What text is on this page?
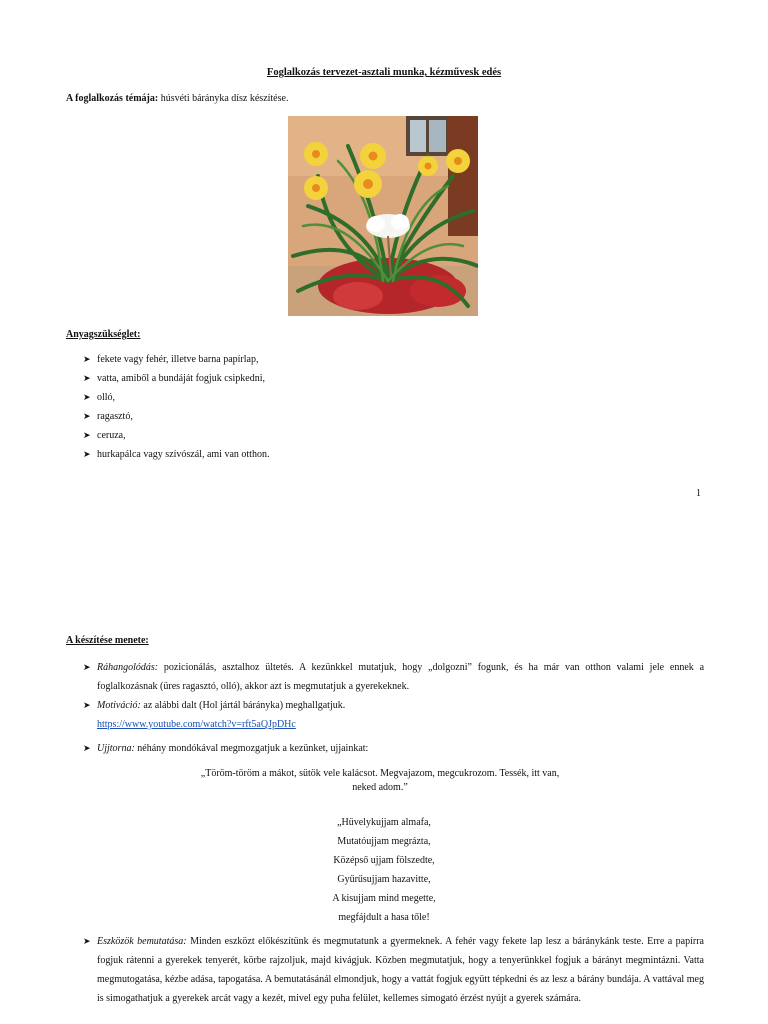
Foglalkozás tervezet-asztali munka, kézművesk edés
A foglalkozás témája: húsvéti bárányka dísz készítése.
Anyagszükséglet:
➤ fekete vagy fehér, illetve barna papírlap,
➤ vatta, amiből a bundáját fogjuk csipkedni,
➤ olló,
➤ ragasztó,
➤ ceruza,
➤ hurkapálca vagy szívószál, ami van otthon.
1
A készítése menete:
➤ Ráhangolódás: pozicionálás, asztalhoz ültetés. A kezünkkel mutatjuk, hogy „dolgozni” fogunk, és ha már van otthon valami jele ennek a foglalkozásnak (üres ragasztó, olló), akkor azt is megmutatjuk a gyerekeknek.
➤ Motiváció: az alábbi dalt (Hol jártál bárányka) meghallgatjuk.
https://www.youtube.com/watch?v=rft5aQJpDHc
➤ Ujjtorna: néhány mondókával megmozgatjuk a kezünket, ujjainkat:
„Töröm-töröm a mákot, sütök vele kalácsot. Megvajazom, megcukrozom. Tessék, itt van,
neked adom.”
„Hüvelykujjam almafa,
Mutatóujjam megrázta,
Középső ujjam fölszedte,
Gyűrűsujjam hazavitte,
A kisujjam mind megette,
megfájdult a hasa tőle!
➤ Eszközök bemutatása: Minden eszközt előkészítünk és megmutatunk a gyermeknek. A fehér vagy fekete lap lesz a báránykánk teste. Erre a papírra fogjuk rátenni a gyerekek tenyerét, körbe rajzoljuk, majd kivágjuk. Közben megmutatjuk, hogy a tenyerünkkel fogjuk a bárányt megmintázni. Vatta megmutogatása, kézbe adása, tapogatása. A bemutatásánál elmondjuk, hogy a vattát fogjuk együtt tépkedni és az lesz a bárány bundája. A vattával meg is simogathatjuk a gyerekek arcát vagy a kezét, mivel egy puha felület, kellemes simogató érzést nyújt a gyerek számára.
